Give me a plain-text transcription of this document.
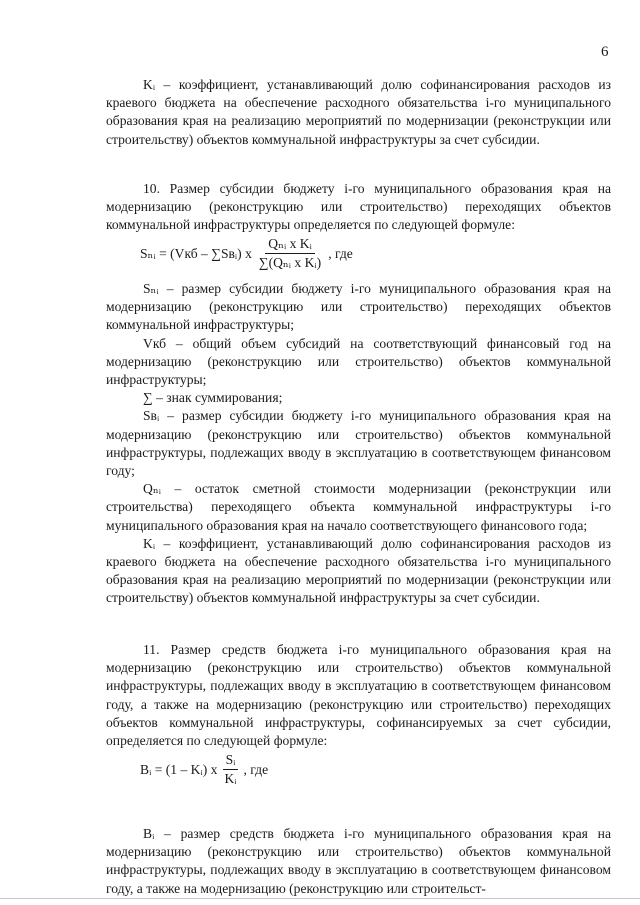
6

Kᵢ – коэффициент, устанавливающий долю софинансирования расходов из краевого бюджета на обеспечение расходного обязательства i-го муниципального образования края на реализацию мероприятий по модернизации (реконструкции или строительству) объектов коммунальной инфраструктуры за счет субсидии.

10. Размер субсидии бюджету i-го муниципального образования края на модернизацию (реконструкцию или строительство) переходящих объектов коммунальной инфраструктуры определяется по следующей формуле:

Sₙᵢ = (Vкб – ∑Sвᵢ) x $\frac{\text{Qₙᵢ x Kᵢ}}{\text{∑(Qₙᵢ x Kᵢ)}}$ , где

Sₙᵢ – размер субсидии бюджету i-го муниципального образования края на модернизацию (реконструкцию или строительство) переходящих объектов коммунальной инфраструктуры;

Vкб – общий объем субсидий на соответствующий финансовый год на модернизацию (реконструкцию или строительство) объектов коммунальной инфраструктуры;

∑ – знак суммирования;

Sвᵢ – размер субсидии бюджету i-го муниципального образования края на модернизацию (реконструкцию или строительство) объектов коммунальной инфраструктуры, подлежащих вводу в эксплуатацию в соответствующем финансовом году;

Qₙᵢ – остаток сметной стоимости модернизации (реконструкции или строительства) переходящего объекта коммунальной инфраструктуры i-го муниципального образования края на начало соответствующего финансового года;

Kᵢ – коэффициент, устанавливающий долю софинансирования расходов из краевого бюджета на обеспечение расходного обязательства i-го муниципального образования края на реализацию мероприятий по модернизации (реконструкции или строительству) объектов коммунальной инфраструктуры за счет субсидии.

11. Размер средств бюджета i-го муниципального образования края на модернизацию (реконструкцию или строительство) объектов коммунальной инфраструктуры, подлежащих вводу в эксплуатацию в соответствующем финансовом году, а также на модернизацию (реконструкцию или строительство) переходящих объектов коммунальной инфраструктуры, софинансируемых за счет субсидии, определяется по следующей формуле:

Bᵢ = (1 – Kᵢ) x $\frac{\text{Sᵢ}}{\text{Kᵢ}}$ , где

Bᵢ – размер средств бюджета i-го муниципального образования края на модернизацию (реконструкцию или строительство) объектов коммунальной инфраструктуры, подлежащих вводу в эксплуатацию в соответствующем финансовом году, а также на модернизацию (реконструкцию или строительст-
